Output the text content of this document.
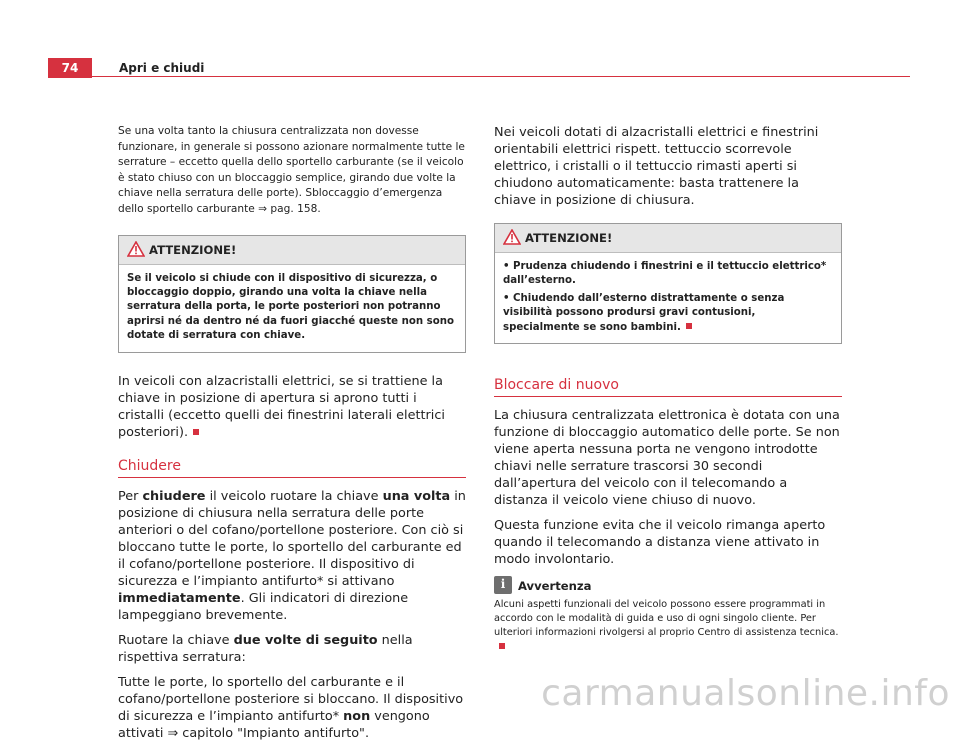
74	Apri e chiudi

Se una volta tanto la chiusura centralizzata non dovesse funzionare, in generale si possono azionare normalmente tutte le serrature – eccetto quella dello sportello carburante (se il veicolo è stato chiuso con un bloccaggio semplice, girando due volte la chiave nella serratura delle porte). Sbloccaggio d’emergenza dello sportello carburante ⇒ pag. 158.

ATTENZIONE!
Se il veicolo si chiude con il dispositivo di sicurezza, o bloccaggio doppio, girando una volta la chiave nella serratura della porta, le porte posteriori non potranno aprirsi né da dentro né da fuori giacché queste non sono dotate di serratura con chiave.

In veicoli con alzacristalli elettrici, se si trattiene la chiave in posizione di apertura si aprono tutti i cristalli (eccetto quelli dei finestrini laterali elettrici posteriori).

Chiudere

Per chiudere il veicolo ruotare la chiave una volta in posizione di chiusura nella serratura delle porte anteriori o del cofano/portellone posteriore. Con ciò si bloccano tutte le porte, lo sportello del carburante ed il cofano/portellone posteriore. Il dispositivo di sicurezza e l’impianto antifurto* si attivano immediatamente. Gli indicatori di direzione lampeggiano brevemente.

Ruotare la chiave due volte di seguito nella rispettiva serratura:

Tutte le porte, lo sportello del carburante e il cofano/portellone posteriore si bloccano. Il dispositivo di sicurezza e l’impianto antifurto* non vengono attivati ⇒ capitolo "Impianto antifurto".

Nei veicoli dotati di alzacristalli elettrici e finestrini orientabili elettrici rispett. tettuccio scorrevole elettrico, i cristalli o il tettuccio rimasti aperti si chiudono automaticamente: basta trattenere la chiave in posizione di chiusura.

ATTENZIONE!
• Prudenza chiudendo i finestrini e il tettuccio elettrico* dall’esterno.
• Chiudendo dall’esterno distrattamente o senza visibilità possono prodursi gravi contusioni, specialmente se sono bambini.
Bloccare di nuovo

La chiusura centralizzata elettronica è dotata con una funzione di bloccaggio automatico delle porte. Se non viene aperta nessuna porta ne vengono introdotte chiavi nelle serrature trascorsi 30 secondi dall’apertura del veicolo con il telecomando a distanza il veicolo viene chiuso di nuovo.

Questa funzione evita che il veicolo rimanga aperto quando il telecomando a distanza viene attivato in modo involontario.

i	Avvertenza

Alcuni aspetti funzionali del veicolo possono essere programmati in accordo con le modalità di guida e uso di ogni singolo cliente. Per ulteriori informazioni rivolgersi al proprio Centro di assistenza tecnica.

carmanualsonline.info
